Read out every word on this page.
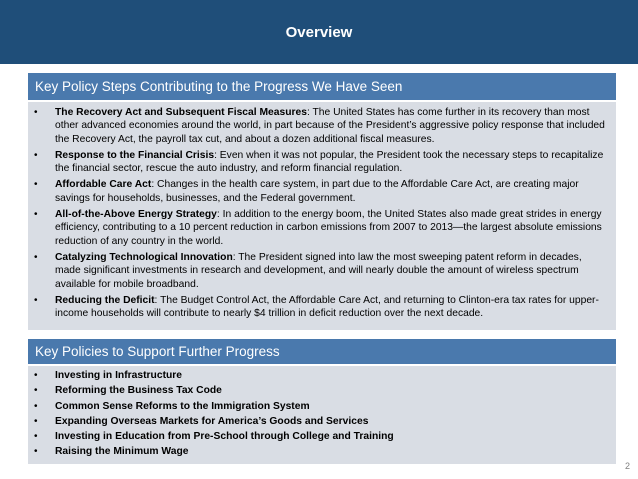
Overview
Key Policy Steps Contributing to the Progress We Have Seen
• The Recovery Act and Subsequent Fiscal Measures: The United States has come further in its recovery than most other advanced economies around the world, in part because of the President’s aggressive policy response that included the Recovery Act, the payroll tax cut, and about a dozen additional fiscal measures.
• Response to the Financial Crisis: Even when it was not popular, the President took the necessary steps to recapitalize the financial sector, rescue the auto industry, and reform financial regulation.
• Affordable Care Act: Changes in the health care system, in part due to the Affordable Care Act, are creating major savings for households, businesses, and the Federal government.
• All-of-the-Above Energy Strategy: In addition to the energy boom, the United States also made great strides in energy efficiency, contributing to a 10 percent reduction in carbon emissions from 2007 to 2013—the largest absolute emissions reduction of any country in the world.
• Catalyzing Technological Innovation: The President signed into law the most sweeping patent reform in decades, made significant investments in research and development, and will nearly double the amount of wireless spectrum available for mobile broadband.
• Reducing the Deficit: The Budget Control Act, the Affordable Care Act, and returning to Clinton-era tax rates for upper-income households will contribute to nearly $4 trillion in deficit reduction over the next decade.
Key Policies to Support Further Progress
• Investing in Infrastructure
• Reforming the Business Tax Code
• Common Sense Reforms to the Immigration System
• Expanding Overseas Markets for America’s Goods and Services
• Investing in Education from Pre-School through College and Training
• Raising the Minimum Wage
2
